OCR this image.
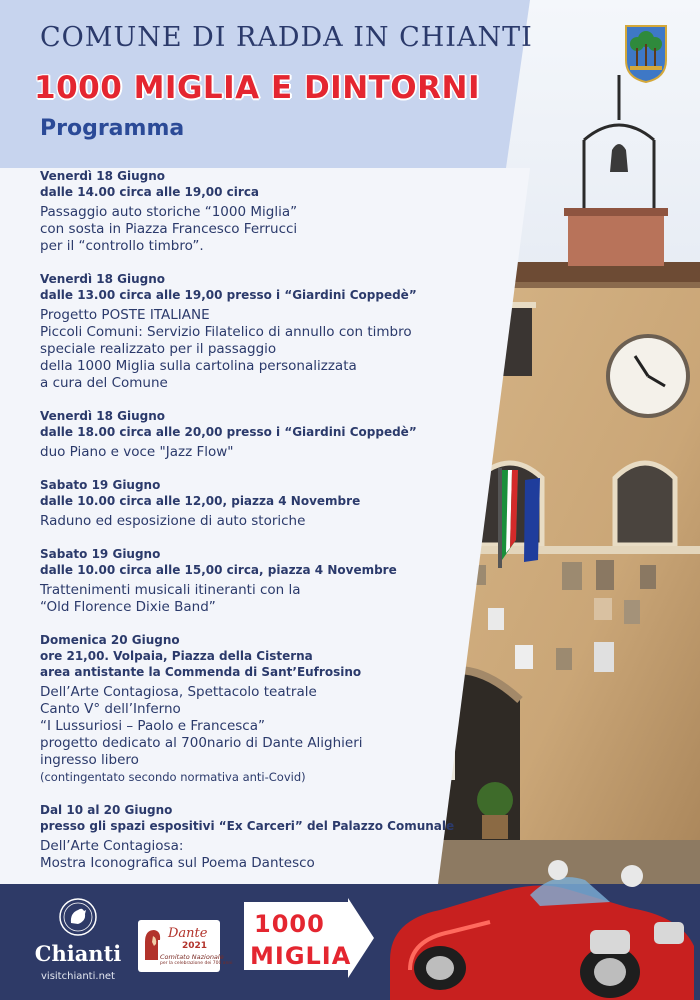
COMUNE DI RADDA IN CHIANTI
1000 MIGLIA E DINTORNI
Programma
Venerdì 18 Giugno
dalle 14.00 circa alle 19,00 circa
Passaggio auto storiche “1000 Miglia”
con sosta in Piazza Francesco Ferrucci
per il “controllo timbro”.
Venerdì 18 Giugno
dalle 13.00 circa alle 19,00 presso i “Giardini Coppedè”
Progetto POSTE ITALIANE
Piccoli Comuni: Servizio Filatelico di annullo con timbro
speciale realizzato per il passaggio
della 1000 Miglia sulla cartolina personalizzata
a cura del Comune
Venerdì 18 Giugno
dalle 18.00 circa alle 20,00 presso i “Giardini Coppedè”
duo Piano e voce "Jazz Flow"
Sabato 19 Giugno
dalle 10.00 circa alle 12,00, piazza 4 Novembre
Raduno ed esposizione di auto storiche
Sabato 19 Giugno
dalle 10.00 circa alle 15,00 circa, piazza 4 Novembre
Trattenimenti musicali itineranti con la
“Old Florence Dixie Band”
Domenica 20 Giugno
ore 21,00. Volpaia, Piazza della Cisterna
area antistante la Commenda di Sant’Eufrosino
Dell’Arte Contagiosa, Spettacolo teatrale
Canto V° dell’Inferno
“I Lussuriosi – Paolo e Francesca”
progetto dedicato al 700nario di Dante Alighieri
ingresso libero
(contingentato secondo normativa anti-Covid)
Dal 10 al 20 Giugno
presso gli spazi espositivi “Ex Carceri” del Palazzo Comunale
Dell’Arte Contagiosa:
Mostra Iconografica sul Poema Dantesco
Chianti
visitchianti.net
Dante
2021
Comitato Nazionale
per la celebrazione dei 700 anni
1000
MIGLIA
